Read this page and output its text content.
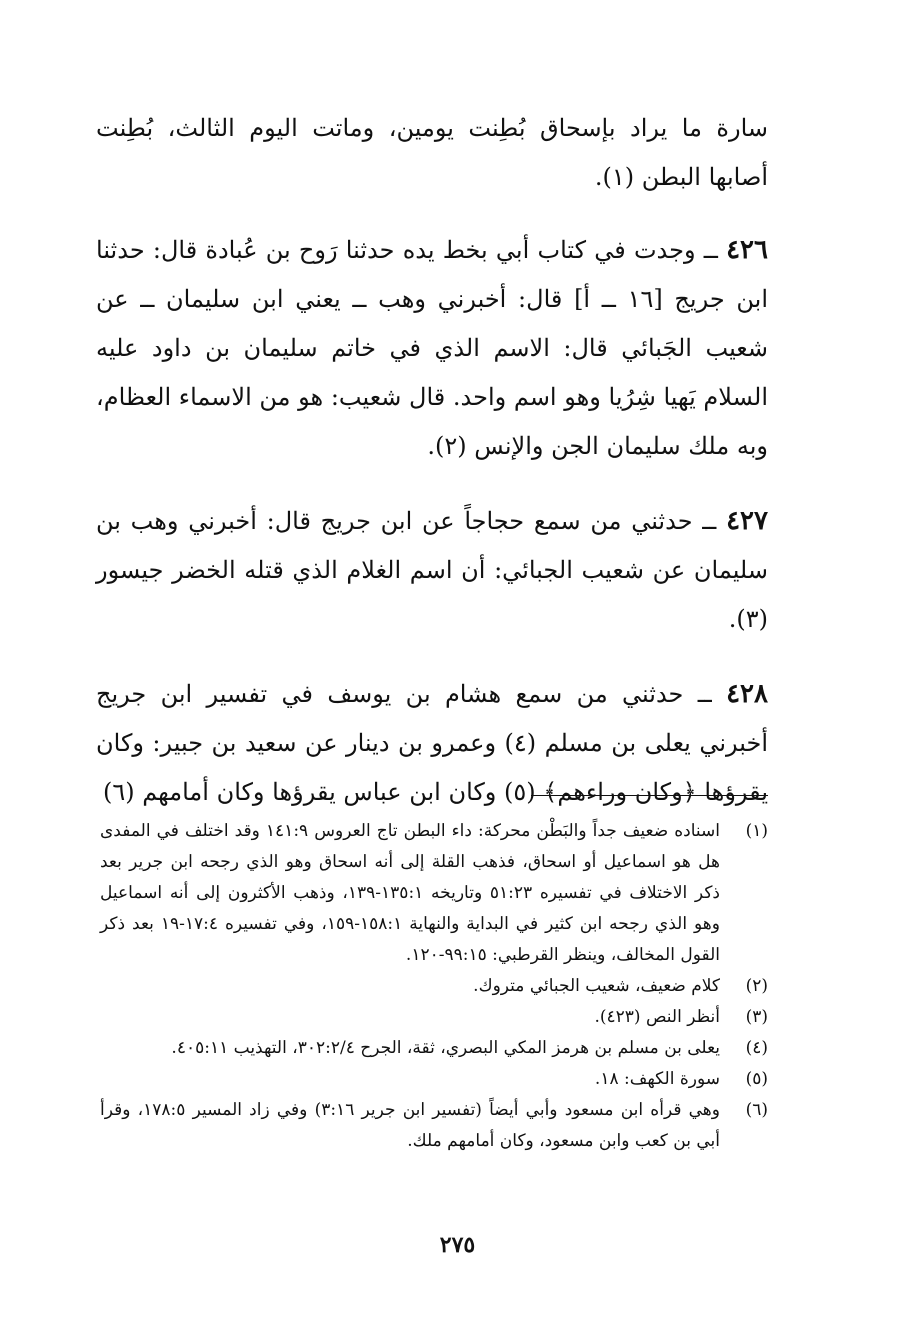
سارة ما يراد بإسحاق بُطِنت يومين، وماتت اليوم الثالث، بُطِنت أصابها البطن (١).

٤٢٦ ــ وجدت في كتاب أبي بخط يده حدثنا رَوح بن عُبادة قال: حدثنا ابن جريج [١٦ ــ أ] قال: أخبرني وهب ــ يعني ابن سليمان ــ عن شعيب الجَبائي قال: الاسم الذي في خاتم سليمان بن داود عليه السلام يَهيا شِرُيا وهو اسم واحد. قال شعيب: هو من الاسماء العظام، وبه ملك سليمان الجن والإنس (٢).

٤٢٧ ــ حدثني من سمع حجاجاً عن ابن جريج قال: أخبرني وهب بن سليمان عن شعيب الجبائي: أن اسم الغلام الذي قتله الخضر جيسور (٣).

٤٢٨ ــ حدثني من سمع هشام بن يوسف في تفسير ابن جريج أخبرني يعلى بن مسلم (٤) وعمرو بن دينار عن سعيد بن جبير: وكان يقرؤها ﴿وكان وراءهم﴾ (٥) وكان ابن عباس يقرؤها وكان أمامهم (٦)

(١)
اسناده ضعيف جداً والبَطْن محركة: داء البطن تاج العروس ١٤١:٩ وقد اختلف في المفدى هل هو اسماعيل أو اسحاق، فذهب القلة إلى أنه اسحاق وهو الذي رجحه ابن جرير بعد ذكر الاختلاف في تفسيره ٥١:٢٣ وتاريخه ١٣٥:١-١٣٩، وذهب الأكثرون إلى أنه اسماعيل وهو الذي رجحه ابن كثير في البداية والنهاية ١٥٨:١-١٥٩، وفي تفسيره ١٧:٤-١٩ بعد ذكر القول المخالف، وينظر القرطبي: ٩٩:١٥-١٢٠.
(٢)
كلام ضعيف، شعيب الجبائي متروك.
(٣)
أنظر النص (٤٢٣).
(٤)
يعلى بن مسلم بن هرمز المكي البصري، ثقة، الجرح ٣٠٢:٢/٤، التهذيب ٤٠٥:١١.
(٥)
سورة الكهف: ١٨.
(٦)
وهي قرأه ابن مسعود وأبي أيضاً (تفسير ابن جرير ٣:١٦) وفي زاد المسير ١٧٨:٥، وقرأ أبي بن كعب وابن مسعود، وكان أمامهم ملك.
٢٧٥
